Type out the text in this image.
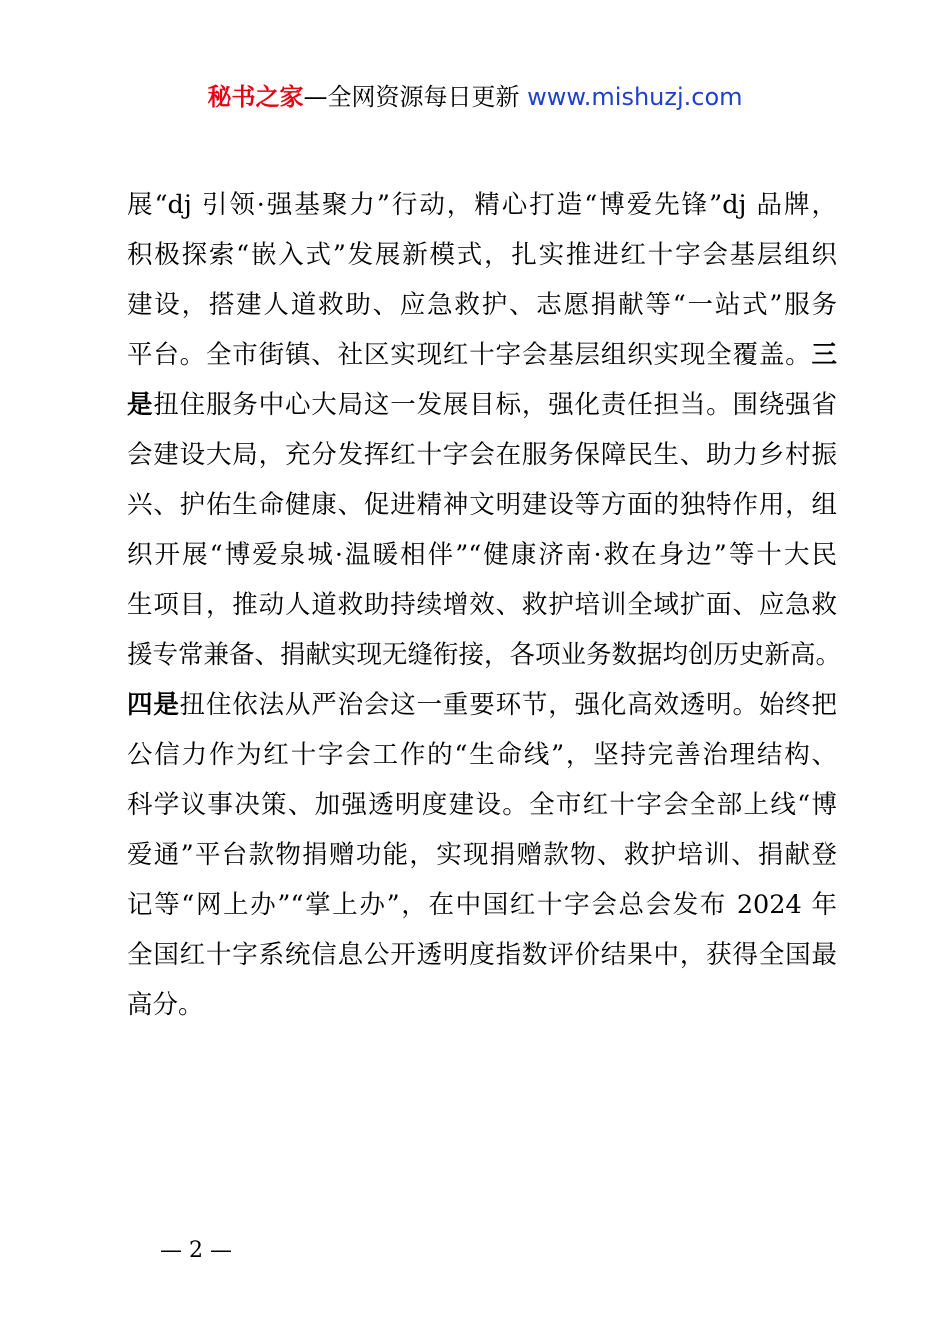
秘书之家—全网资源每日更新 www.mishuzj.com
展“dj 引领·强基聚力”行动，精心打造“博爱先锋”dj 品牌，
积极探索“嵌入式”发展新模式，扎实推进红十字会基层组织
建设，搭建人道救助、应急救护、志愿捐献等“一站式”服务
平台。全市街镇、社区实现红十字会基层组织实现全覆盖。三
是扭住服务中心大局这一发展目标，强化责任担当。围绕强省
会建设大局，充分发挥红十字会在服务保障民生、助力乡村振
兴、护佑生命健康、促进精神文明建设等方面的独特作用，组
织开展“博爱泉城·温暖相伴”“健康济南·救在身边”等十大民
生项目，推动人道救助持续增效、救护培训全域扩面、应急救
援专常兼备、捐献实现无缝衔接，各项业务数据均创历史新高。
四是扭住依法从严治会这一重要环节，强化高效透明。始终把
公信力作为红十字会工作的“生命线”，坚持完善治理结构、
科学议事决策、加强透明度建设。全市红十字会全部上线“博
爱通”平台款物捐赠功能，实现捐赠款物、救护培训、捐献登
记等“网上办”“掌上办”，在中国红十字会总会发布 2024 年
全国红十字系统信息公开透明度指数评价结果中，获得全国最
高分。
— 2 —
